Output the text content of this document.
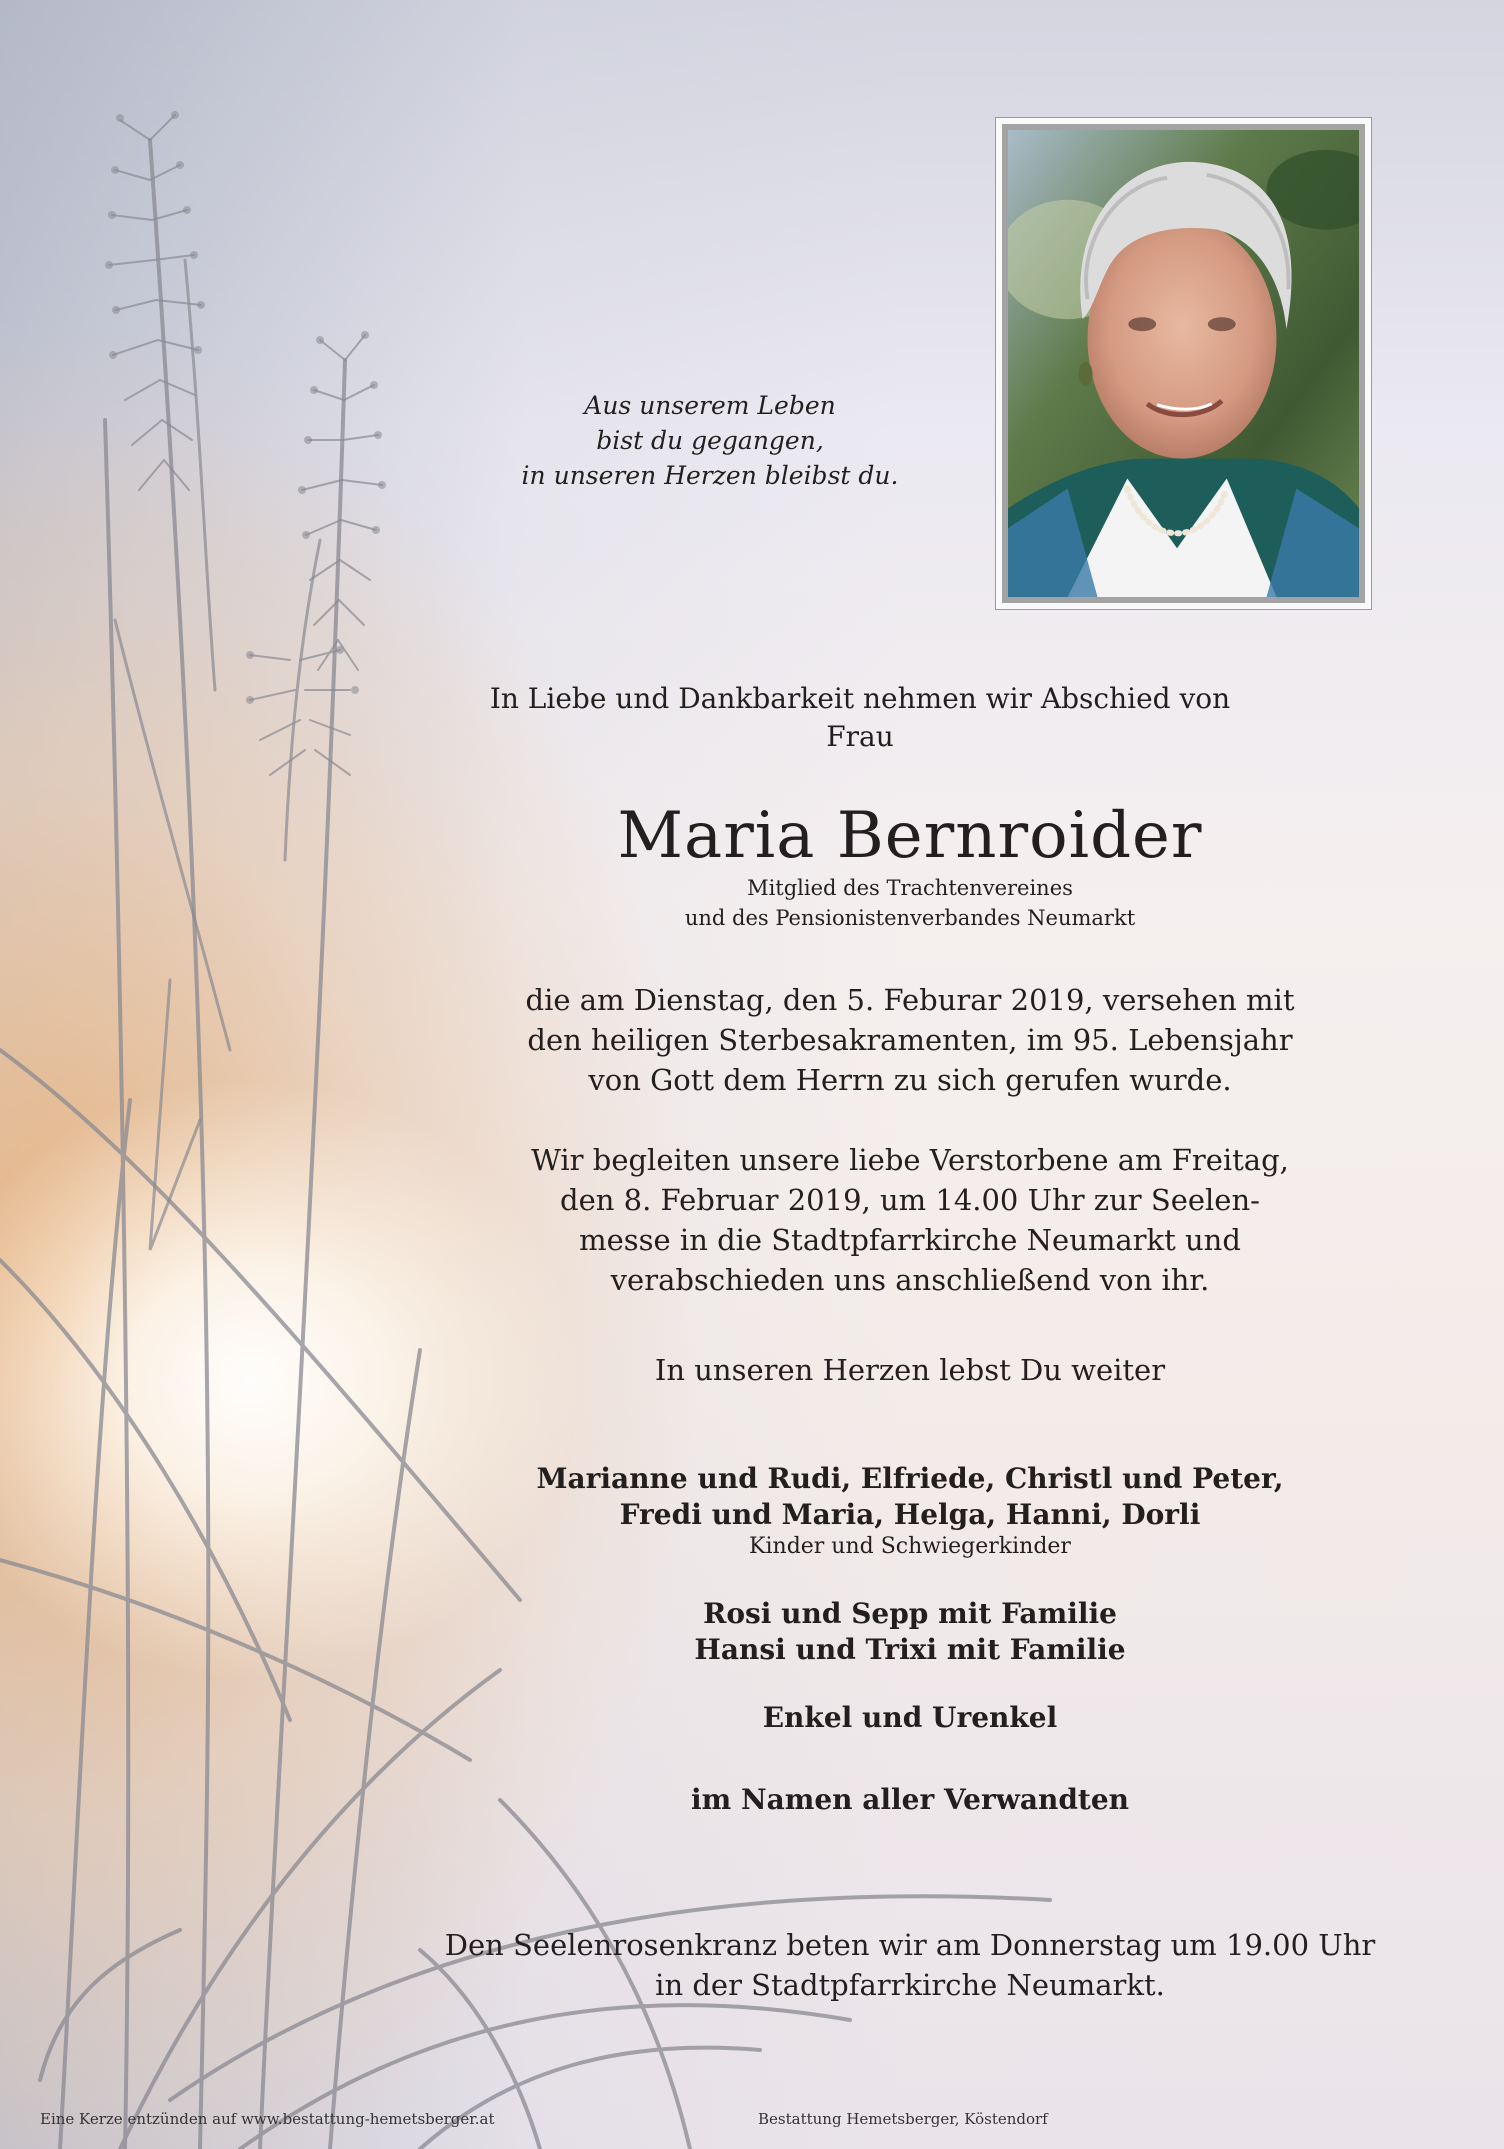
Aus unserem Leben
bist du gegangen,
in unseren Herzen bleibst du.
In Liebe und Dankbarkeit nehmen wir Abschied von
Frau
Maria Bernroider
Mitglied des Trachtenvereines
und des Pensionistenverbandes Neumarkt
die am Dienstag, den 5. Feburar 2019, versehen mit
den heiligen Sterbesakramenten, im 95. Lebensjahr
von Gott dem Herrn zu sich gerufen wurde.
Wir begleiten unsere liebe Verstorbene am Freitag,
den 8. Februar 2019, um 14.00 Uhr zur Seelen-
messe in die Stadtpfarrkirche Neumarkt und
verabschieden uns anschließend von ihr.
In unseren Herzen lebst Du weiter
Marianne und Rudi, Elfriede, Christl und Peter,
Fredi und Maria, Helga, Hanni, Dorli
Kinder und Schwiegerkinder
Rosi und Sepp mit Familie
Hansi und Trixi mit Familie
Enkel und Urenkel
im Namen aller Verwandten
Den Seelenrosenkranz beten wir am Donnerstag um 19.00 Uhr
in der Stadtpfarrkirche Neumarkt.
Eine Kerze entzünden auf www.bestattung-hemetsberger.at	Bestattung Hemetsberger, Köstendorf
